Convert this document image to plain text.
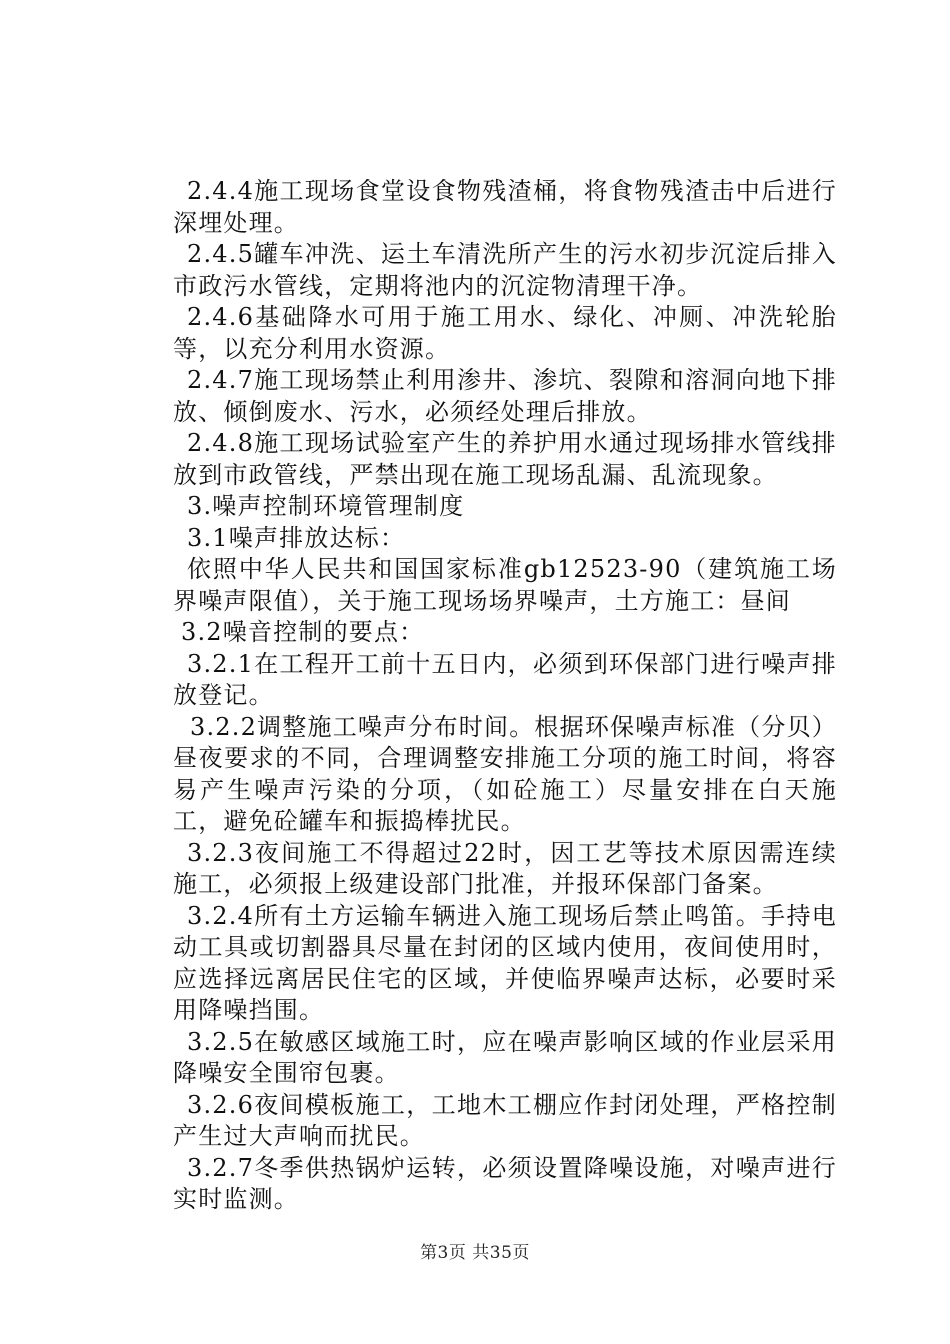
2.4.4施工现场食堂设食物残渣桶，将食物残渣击中后进行深埋处理。

2.4.5罐车冲洗、运土车清洗所产生的污水初步沉淀后排入市政污水管线，定期将池内的沉淀物清理干净。

2.4.6基础降水可用于施工用水、绿化、冲厕、冲洗轮胎等，以充分利用水资源。

2.4.7施工现场禁止利用渗井、渗坑、裂隙和溶洞向地下排放、倾倒废水、污水，必须经处理后排放。

2.4.8施工现场试验室产生的养护用水通过现场排水管线排放到市政管线，严禁出现在施工现场乱漏、乱流现象。

3.噪声控制环境管理制度

3.1噪声排放达标：

依照中华人民共和国国家标准gb12523-90（建筑施工场界噪声限值），关于施工现场场界噪声，土方施工：昼间

3.2噪音控制的要点：

3.2.1在工程开工前十五日内，必须到环保部门进行噪声排放登记。

3.2.2调整施工噪声分布时间。根据环保噪声标准（分贝）昼夜要求的不同，合理调整安排施工分项的施工时间，将容易产生噪声污染的分项，（如砼施工）尽量安排在白天施工，避免砼罐车和振捣棒扰民。

3.2.3夜间施工不得超过22时，因工艺等技术原因需连续施工，必须报上级建设部门批准，并报环保部门备案。

3.2.4所有土方运输车辆进入施工现场后禁止鸣笛。手持电动工具或切割器具尽量在封闭的区域内使用，夜间使用时，应选择远离居民住宅的区域，并使临界噪声达标，必要时采用降噪挡围。

3.2.5在敏感区域施工时，应在噪声影响区域的作业层采用降噪安全围帘包裹。

3.2.6夜间模板施工，工地木工棚应作封闭处理，严格控制产生过大声响而扰民。

3.2.7冬季供热锅炉运转，必须设置降噪设施，对噪声进行实时监测。

第3页 共35页
